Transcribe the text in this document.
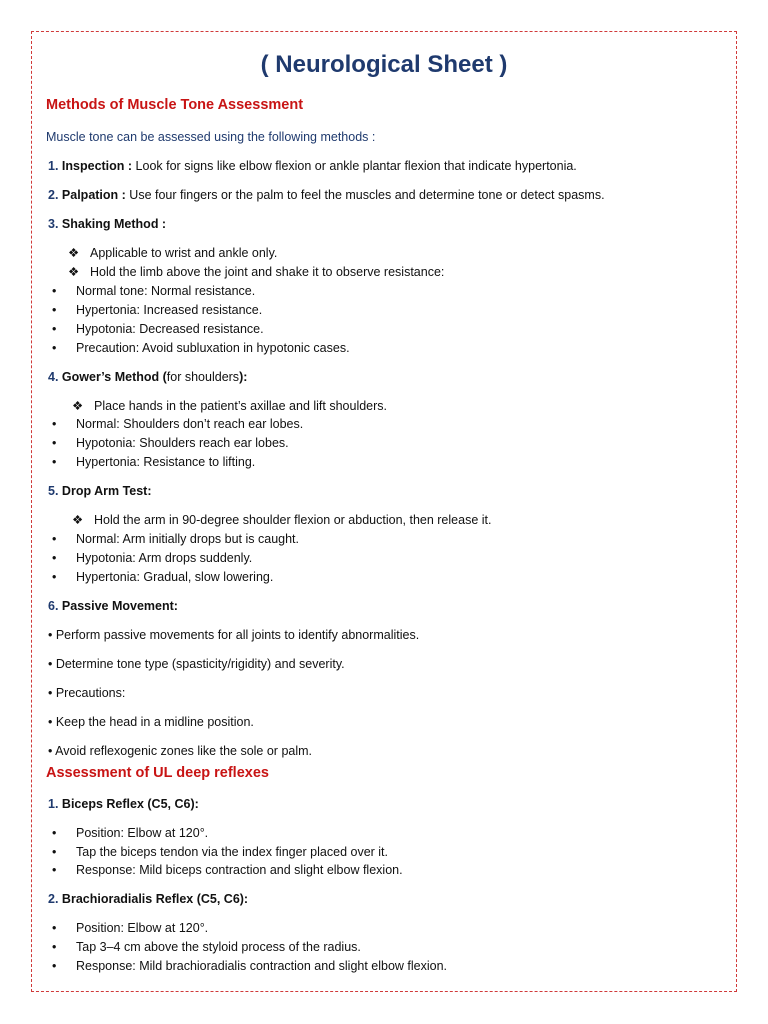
( Neurological Sheet )
Methods of Muscle Tone Assessment
Muscle tone can be assessed using the following methods :
1. Inspection : Look for signs like elbow flexion or ankle plantar flexion that indicate hypertonia.
2. Palpation : Use four fingers or the palm to feel the muscles and determine tone or detect spasms.
3. Shaking Method :
❖ Applicable to wrist and ankle only.
❖ Hold the limb above the joint and shake it to observe resistance:
• Normal tone: Normal resistance.
• Hypertonia: Increased resistance.
• Hypotonia: Decreased resistance.
• Precaution: Avoid subluxation in hypotonic cases.
4. Gower’s Method (for shoulders):
❖ Place hands in the patient’s axillae and lift shoulders.
• Normal: Shoulders don’t reach ear lobes.
• Hypotonia: Shoulders reach ear lobes.
• Hypertonia: Resistance to lifting.
5. Drop Arm Test:
❖ Hold the arm in 90-degree shoulder flexion or abduction, then release it.
• Normal: Arm initially drops but is caught.
• Hypotonia: Arm drops suddenly.
• Hypertonia: Gradual, slow lowering.
6. Passive Movement:
• Perform passive movements for all joints to identify abnormalities.
• Determine tone type (spasticity/rigidity) and severity.
• Precautions:
• Keep the head in a midline position.
• Avoid reflexogenic zones like the sole or palm.
Assessment of UL deep reflexes
1. Biceps Reflex (C5, C6):
• Position: Elbow at 120°.
• Tap the biceps tendon via the index finger placed over it.
• Response: Mild biceps contraction and slight elbow flexion.
2. Brachioradialis Reflex (C5, C6):
• Position: Elbow at 120°.
• Tap 3–4 cm above the styloid process of the radius.
• Response: Mild brachioradialis contraction and slight elbow flexion.
